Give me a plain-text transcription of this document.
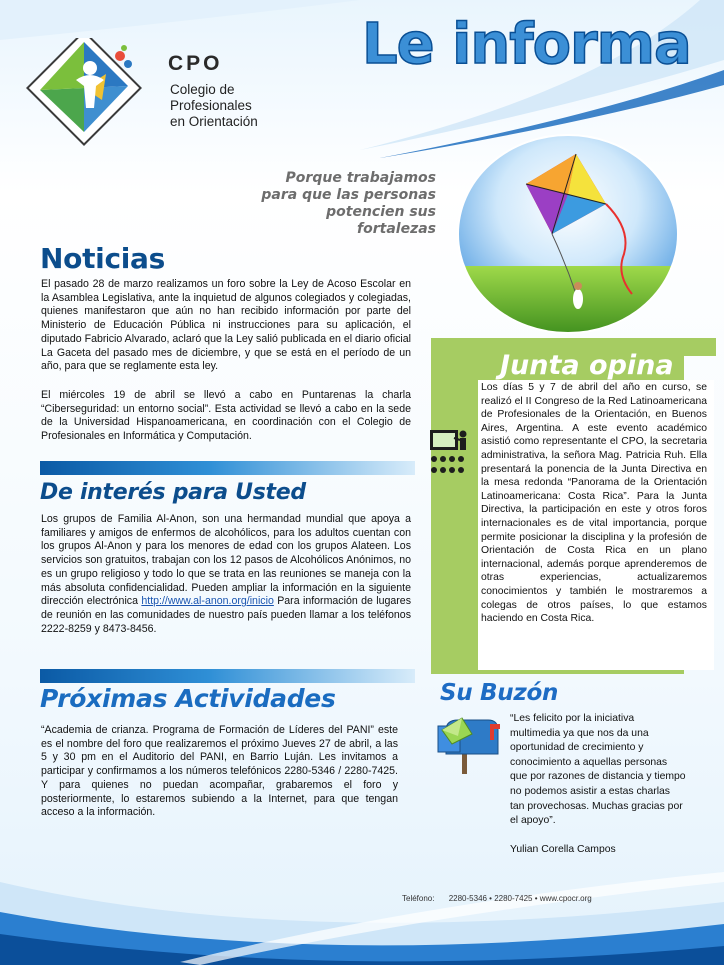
CPO
Colegio de
Profesionales
en Orientación
Le informa
Porque trabajamos
para que las personas
potencien sus fortalezas
Noticias

El pasado 28 de marzo realizamos un foro sobre la Ley de Acoso Escolar en la Asamblea Legislativa, ante la inquietud de algunos colegiados y colegiadas, quienes manifestaron que aún no han recibido información por parte del Ministerio de Educación Pública ni instrucciones para su aplicación, el diputado Fabricio Alvarado, aclaró que la Ley salió publicada en el diario oficial La Gaceta del pasado mes de diciembre, y que se está en el período de un año, para que se reglamente esta ley.

El miércoles 19 de abril se llevó a cabo en Puntarenas la charla “Ciberseguridad: un entorno social”. Esta actividad se llevó a cabo en la sede de la Universidad Hispanoamericana, en coordinación con el Colegio de Profesionales en Informática y Computación.

De interés para Usted

Los grupos de Familia Al-Anon, son una hermandad mundial que apoya a familiares y amigos de enfermos de alcohólicos, para los adultos cuentan con los grupos Al-Anon y para los menores de edad con los grupos Alateen. Los servicios son gratuitos, trabajan con los 12 pasos de Alcohólicos Anónimos, no es un grupo religioso y todo lo que se trata en las reuniones se maneja con la más absoluta confidencialidad. Pueden ampliar la información en la siguiente dirección electrónica http://www.al-anon.org/inicio Para información de lugares de reunión en las comunidades de nuestro país pueden llamar a los teléfonos 2222-8259 y 8473-8456.

Próximas Actividades

“Academia de crianza. Programa de Formación de Líderes del PANI” este es el nombre del foro que realizaremos el próximo Jueves 27 de abril, a las 5 y 30 pm en el Auditorio del PANI, en Barrio Luján. Les invitamos a participar y confirmamos a los números telefónicos 2280-5346 / 2280-7425. Y para quienes no puedan acompañar, grabaremos el foro y posteriormente, lo estaremos subiendo a la Internet, para que tengan acceso a la información.

Junta opina

Los días 5 y 7 de abril del año en curso, se realizó el II Congreso de la Red Latinoamericana de Profesionales de la Orientación, en Buenos Aires, Argentina. A este evento académico asistió como representante el CPO, la secretaria administrativa, la señora Mag. Patricia Ruh. Ella presentará la ponencia de la Junta Directiva en la mesa redonda “Panorama de la Orientación Latinoamericana: Costa Rica”. Para la Junta Directiva, la participación en este y otros foros internacionales es de vital importancia, porque permite posicionar la disciplina y la profesión de Orientación de Costa Rica en un plano internacional, además porque aprenderemos de otras experiencias, actualizaremos conocimientos y también le mostraremos a colegas de otros países, lo que estamos haciendo en Costa Rica.

Su Buzón

“Les felicito por la iniciativa multimedia ya que nos da una oportunidad de crecimiento y conocimiento a aquellas personas que por razones de distancia y tiempo no podemos asistir a estas charlas tan provechosas. Muchas gracias por el apoyo”.

Yulian Corella Campos
Teléfono: 2280-5346 • 2280-7425 • www.cpocr.org
